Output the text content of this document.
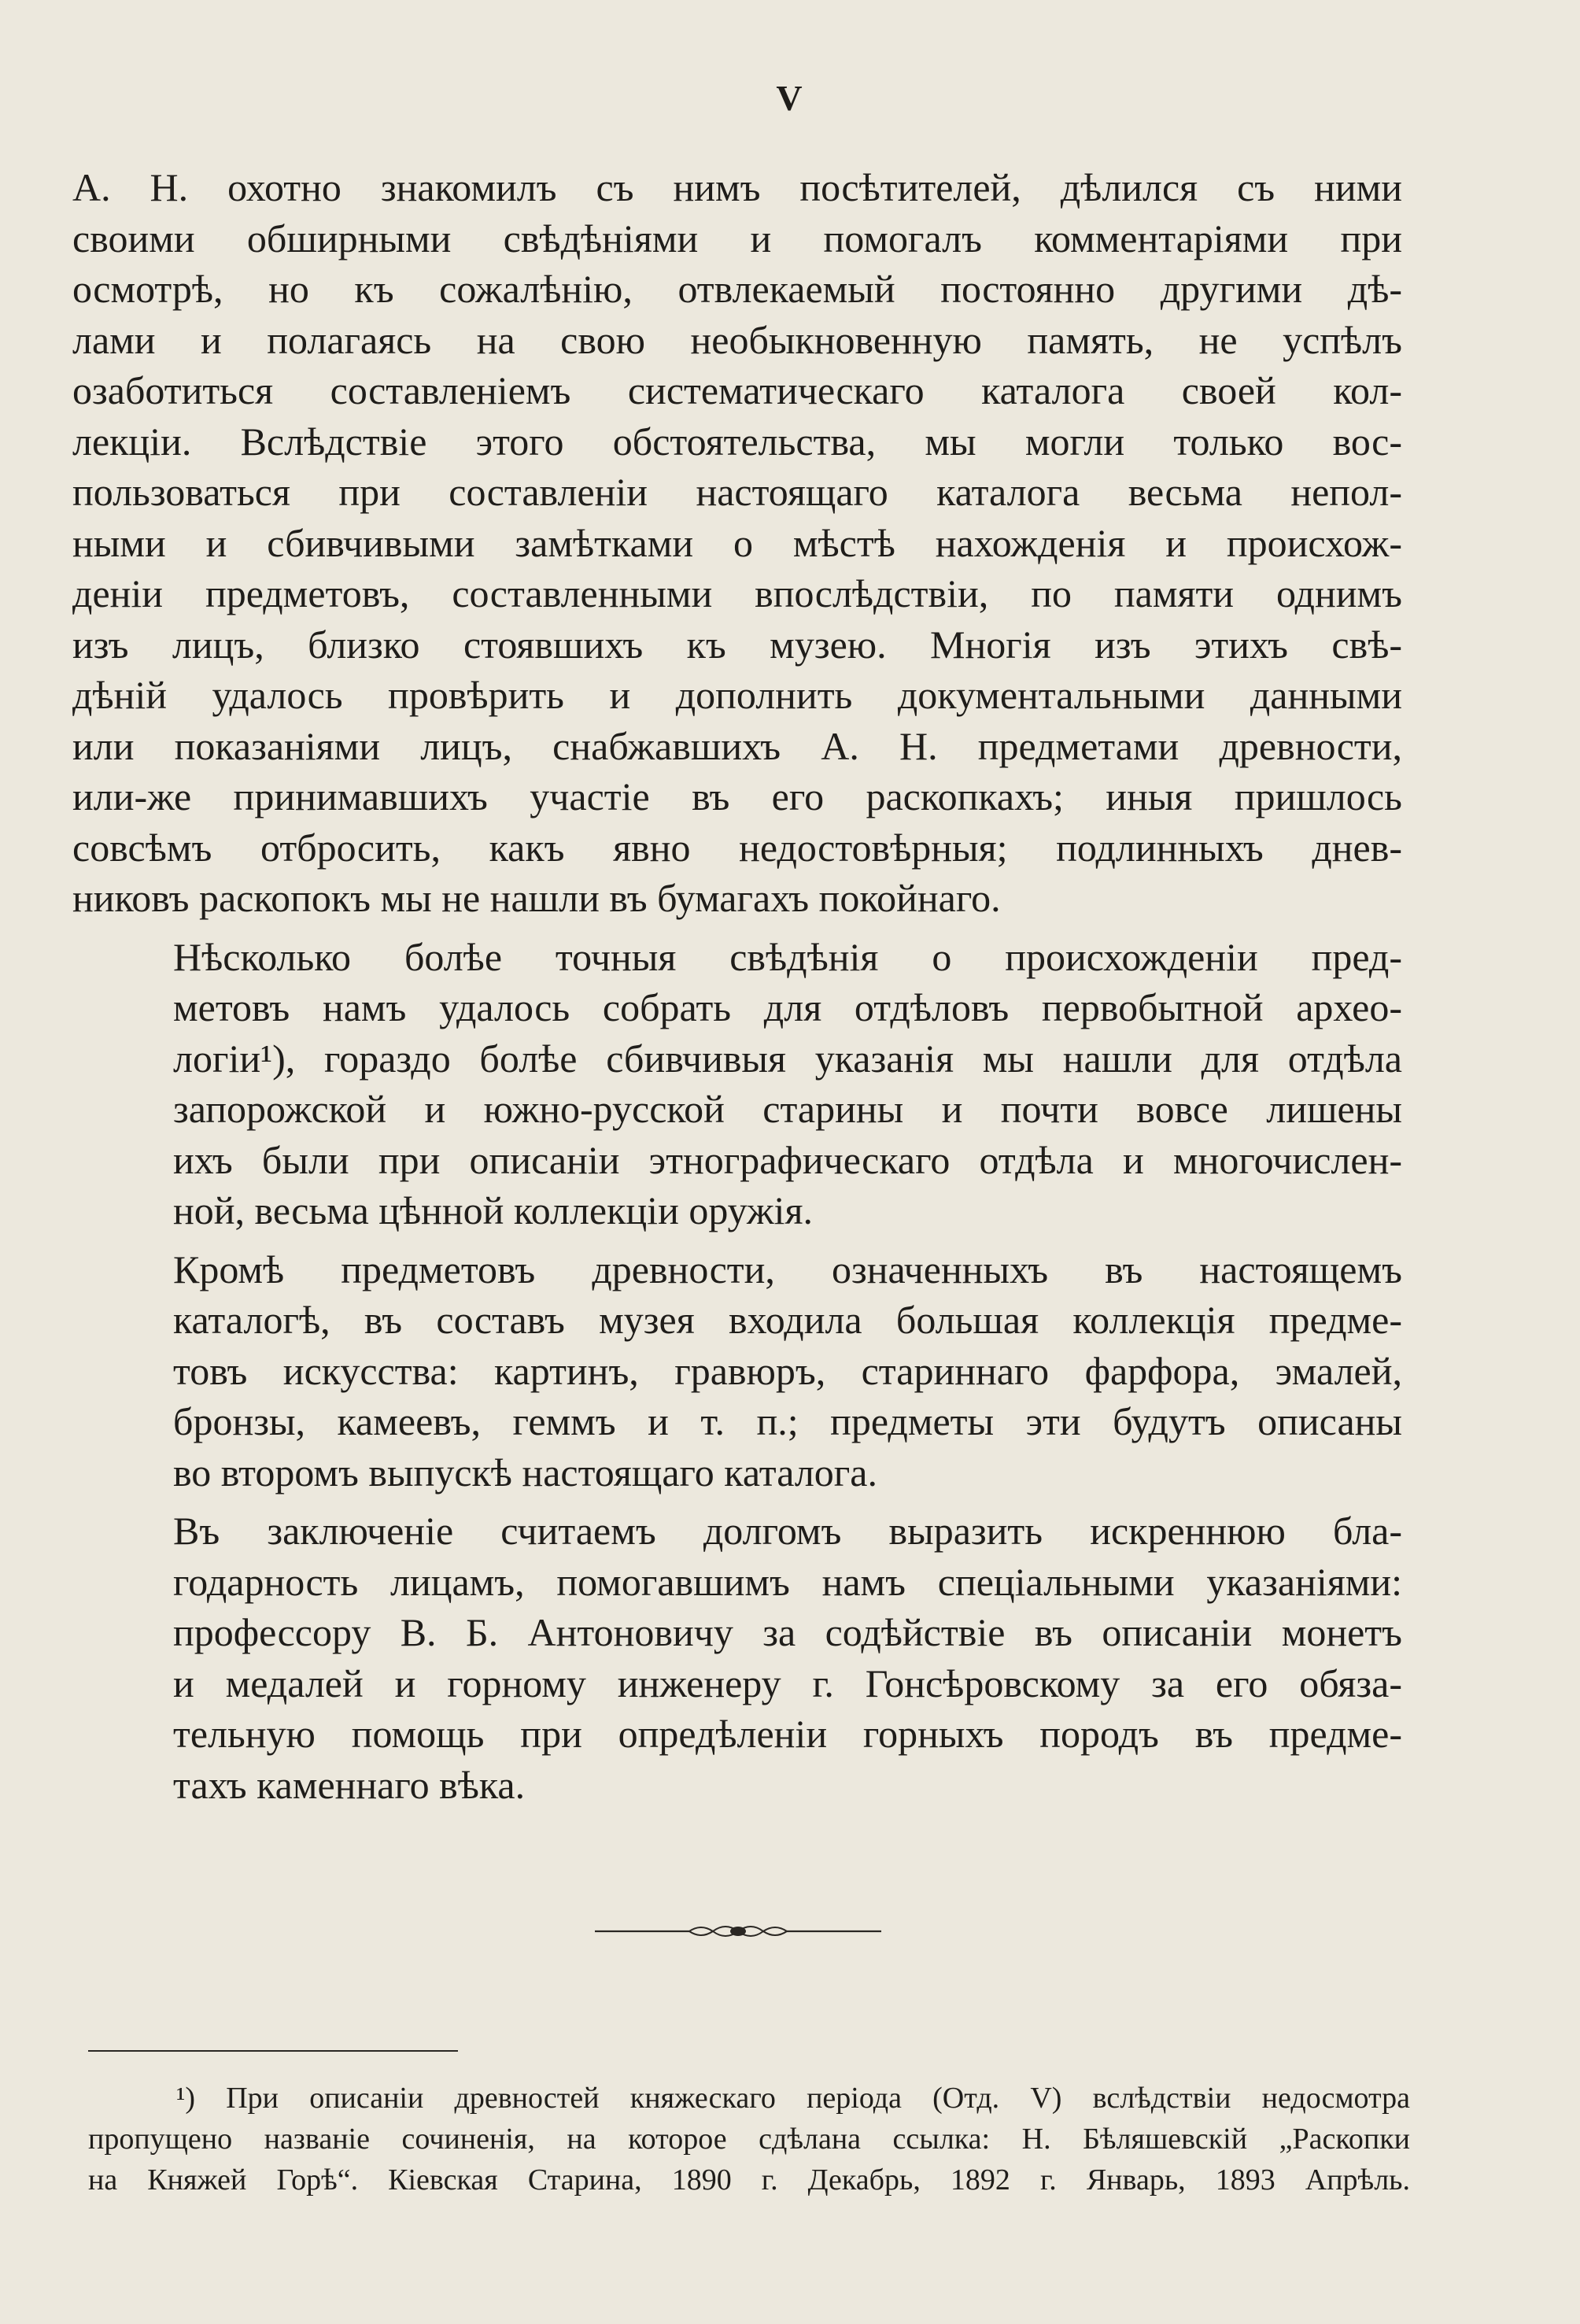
V

А. Н. охотно знакомилъ съ нимъ посѣтителей, дѣлился съ ними
своими обширными свѣдѣніями и помогалъ комментаріями при
осмотрѣ, но къ сожалѣнію, отвлекаемый постоянно другими дѣ-
лами и полагаясь на свою необыкновенную память, не успѣлъ
озаботиться составленіемъ систематическаго каталога своей кол-
лекціи. Вслѣдствіе этого обстоятельства, мы могли только вос-
пользоваться при составленіи настоящаго каталога весьма непол-
ными и сбивчивыми замѣтками о мѣстѣ нахожденія и происхож-
деніи предметовъ, составленными впослѣдствіи, по памяти однимъ
изъ лицъ, близко стоявшихъ къ музею. Многія изъ этихъ свѣ-
дѣній удалось провѣрить и дополнить документальными данными
или показаніями лицъ, снабжавшихъ А. Н. предметами древности,
или-же принимавшихъ участіе въ его раскопкахъ; иныя пришлось
совсѣмъ отбросить, какъ явно недостовѣрныя; подлинныхъ днев-
никовъ раскопокъ мы не нашли въ бумагахъ покойнаго.

Нѣсколько болѣе точныя свѣдѣнія о происхожденіи пред-
метовъ намъ удалось собрать для отдѣловъ первобытной архео-
логіи¹), гораздо болѣе сбивчивыя указанія мы нашли для отдѣла
запорожской и южно-русской старины и почти вовсе лишены
ихъ были при описаніи этнографическаго отдѣла и многочислен-
ной, весьма цѣнной коллекціи оружія.

Кромѣ предметовъ древности, означенныхъ въ настоящемъ
каталогѣ, въ составъ музея входила большая коллекція предме-
товъ искусства: картинъ, гравюръ, стариннаго фарфора, эмалей,
бронзы, камеевъ, геммъ и т. п.; предметы эти будутъ описаны
во второмъ выпускѣ настоящаго каталога.

Въ заключеніе считаемъ долгомъ выразить искреннюю бла-
годарность лицамъ, помогавшимъ намъ спеціальными указаніями:
профессору В. Б. Антоновичу за содѣйствіе въ описаніи монетъ
и медалей и горному инженеру г. Гонсѣровскому за его обяза-
тельную помощь при опредѣленіи горныхъ породъ въ предме-
тахъ каменнаго вѣка.

¹) При описаніи древностей княжескаго періода (Отд. V) вслѣдствіи недосмотра
пропущено названіе сочиненія, на которое сдѣлана ссылка: Н. Бѣляшевскій „Раскопки
на Княжей Горѣ“. Кіевская Старина, 1890 г. Декабрь, 1892 г. Январь, 1893 Апрѣль.
